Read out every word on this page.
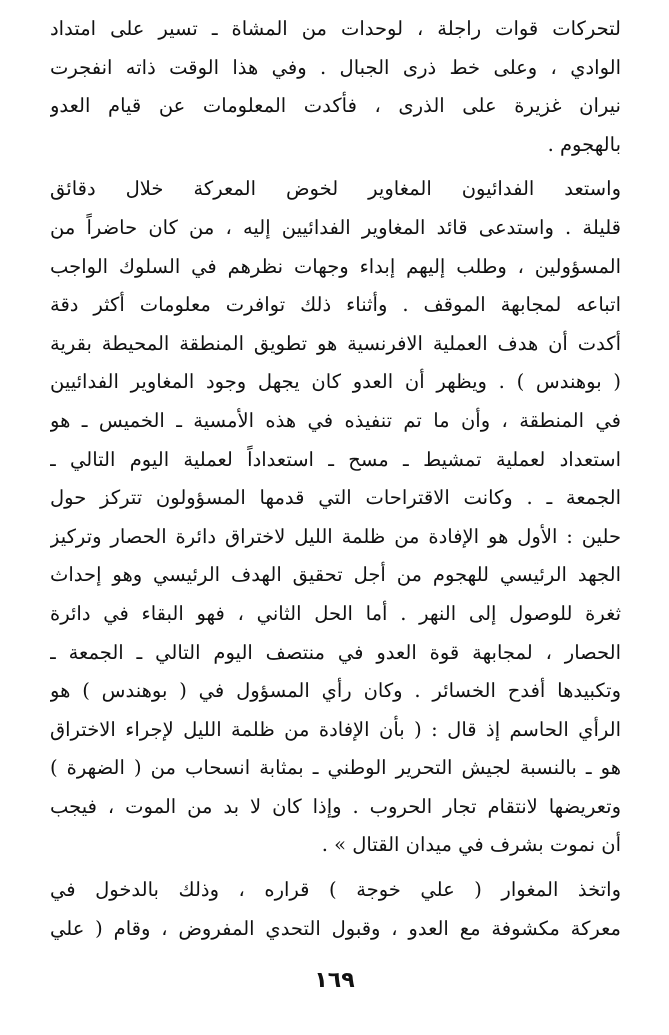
لتحركات قوات راجلة ، لوحدات من المشاة ـ تسير على امتداد
الوادي ، وعلى خط ذرى الجبال . وفي هذا الوقت ذاته انفجرت
نيران غزيرة على الذرى ، فأكدت المعلومات عن قيام العدو
بالهجوم .
واستعد الفدائيون المغاوير لخوض المعركة خلال دقائق
قليلة . واستدعى قائد المغاوير الفدائيين إليه ، من كان حاضراً من
المسؤولين ، وطلب إليهم إبداء وجهات نظرهم في السلوك الواجب
اتباعه لمجابهة الموقف . وأثناء ذلك توافرت معلومات أكثر دقة
أكدت أن هدف العملية الافرنسية هو تطويق المنطقة المحيطة بقرية
( بوهندس ) . ويظهر أن العدو كان يجهل وجود المغاوير الفدائيين
في المنطقة ، وأن ما تم تنفيذه في هذه الأمسية ـ الخميس ـ هو
استعداد لعملية تمشيط ـ مسح ـ استعداداً لعملية اليوم التالي ـ
الجمعة ـ . وكانت الاقتراحات التي قدمها المسؤولون تتركز حول
حلين : الأول هو الإفادة من ظلمة الليل لاختراق دائرة الحصار وتركيز
الجهد الرئيسي للهجوم من أجل تحقيق الهدف الرئيسي وهو إحداث
ثغرة للوصول إلى النهر . أما الحل الثاني ، فهو البقاء في دائرة
الحصار ، لمجابهة قوة العدو في منتصف اليوم التالي ـ الجمعة ـ
وتكبيدها أفدح الخسائر . وكان رأي المسؤول في ( بوهندس ) هو
الرأي الحاسم إذ قال : ( بأن الإفادة من ظلمة الليل لإجراء الاختراق
هو ـ بالنسبة لجيش التحرير الوطني ـ بمثابة انسحاب من ( الضهرة )
وتعريضها لانتقام تجار الحروب . وإذا كان لا بد من الموت ، فيجب
أن نموت بشرف في ميدان القتال » .
واتخذ المغوار ( علي خوجة ) قراره ، وذلك بالدخول في
معركة مكشوفة مع العدو ، وقبول التحدي المفروض ، وقام ( علي
١٦٩
